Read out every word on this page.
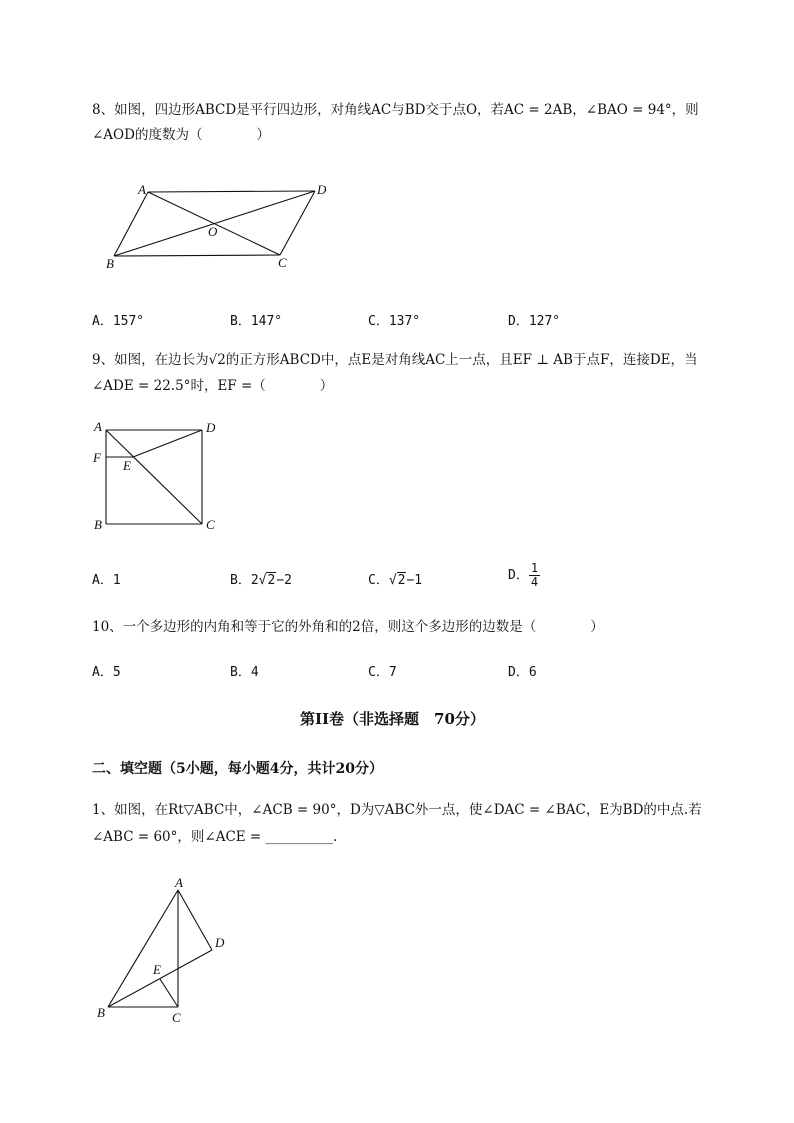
8、如图，四边形ABCD是平行四边形，对角线AC与BD交于点O，若AC = 2AB，∠BAO = 94°，则
∠AOD的度数为（　　　　）
A	D
B	C
O
A．157°	B．147°	C．137°	D．127°
9、如图，在边长为√2的正方形ABCD中，点E是对角线AC上一点，且EF ⊥ AB于点F，连接DE，当
∠ADE = 22.5°时，EF =（　　　　）
A	D
F
E
B	C
A．1	B．2√2−2	C．√2−1	D． $\frac{1}{4}$
10、一个多边形的内角和等于它的外角和的2倍，则这个多边形的边数是（　　　　）
A．5	B．4	C．7	D．6
第II卷（非选择题　70分）
二、填空题（5小题，每小题4分，共计20分）
1、如图，在Rt▽ABC中，∠ACB = 90°，D为▽ABC外一点，使∠DAC = ∠BAC，E为BD的中点.若
∠ABC = 60°，则∠ACE = __________.
A
D
E
B	C
